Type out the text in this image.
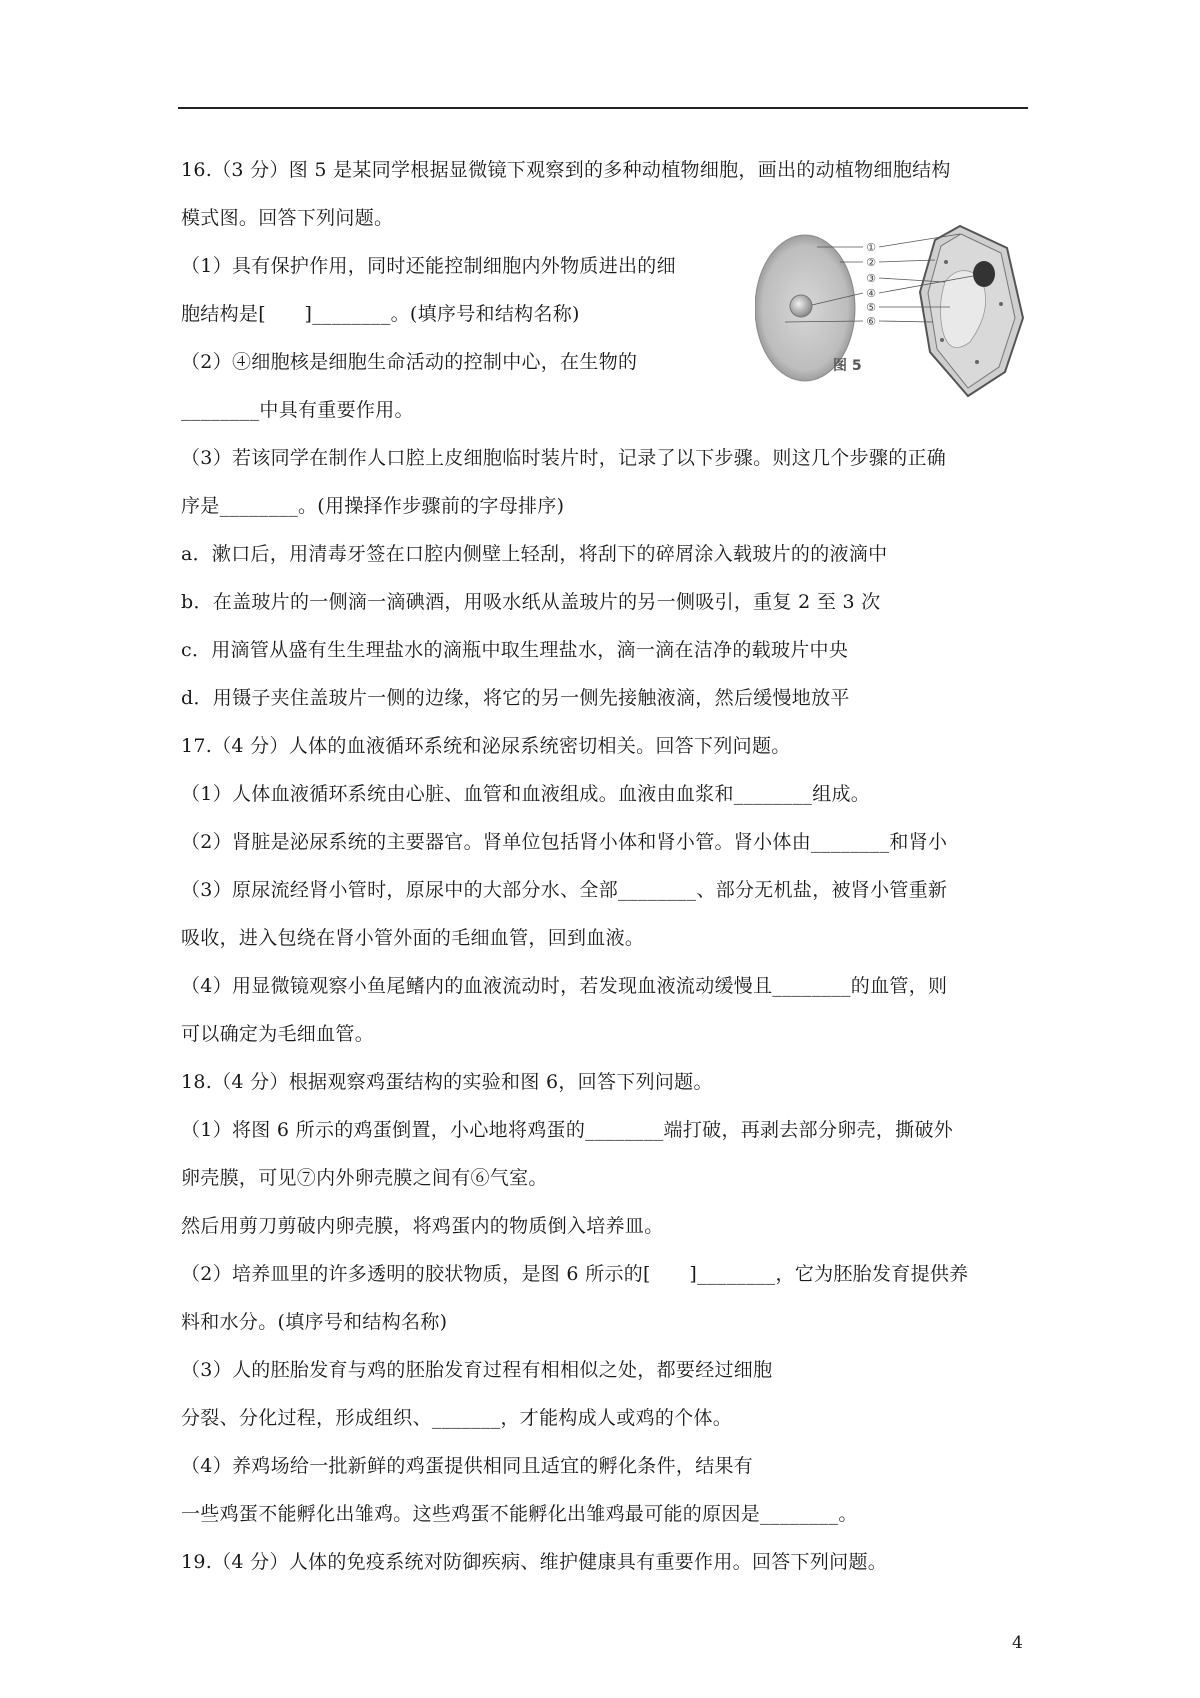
16.（3 分）图 5 是某同学根据显微镜下观察到的多种动植物细胞，画出的动植物细胞结构
模式图。回答下列问题。
（1）具有保护作用，同时还能控制细胞内外物质进出的细
胞结构是[　　]________。(填序号和结构名称)
（2）④细胞核是细胞生命活动的控制中心，在生物的
________中具有重要作用。
（3）若该同学在制作人口腔上皮细胞临时装片时，记录了以下步骤。则这几个步骤的正确
序是________。(用操择作步骤前的字母排序)
a．漱口后，用清毒牙签在口腔内侧壁上轻刮，将刮下的碎屑涂入载玻片的的液滴中
b．在盖玻片的一侧滴一滴碘酒，用吸水纸从盖玻片的另一侧吸引，重复 2 至 3 次
c．用滴管从盛有生生理盐水的滴瓶中取生理盐水，滴一滴在洁净的载玻片中央
d．用镊子夹住盖玻片一侧的边缘，将它的另一侧先接触液滴，然后缓慢地放平
17.（4 分）人体的血液循环系统和泌尿系统密切相关。回答下列问题。
（1）人体血液循环系统由心脏、血管和血液组成。血液由血浆和________组成。
（2）肾脏是泌尿系统的主要器官。肾单位包括肾小体和肾小管。肾小体由________和肾小
（3）原尿流经肾小管时，原尿中的大部分水、全部________、部分无机盐，被肾小管重新
吸收，进入包绕在肾小管外面的毛细血管，回到血液。
（4）用显微镜观察小鱼尾鳍内的血液流动时，若发现血液流动缓慢且________的血管，则
可以确定为毛细血管。
18.（4 分）根据观察鸡蛋结构的实验和图 6，回答下列问题。
（1）将图 6 所示的鸡蛋倒置，小心地将鸡蛋的________端打破，再剥去部分卵壳，撕破外
卵壳膜，可见⑦内外卵壳膜之间有⑥气室。
然后用剪刀剪破内卵壳膜，将鸡蛋内的物质倒入培养皿。
（2）培养皿里的许多透明的胶状物质，是图 6 所示的[　　]________，它为胚胎发育提供养
料和水分。(填序号和结构名称)
（3）人的胚胎发育与鸡的胚胎发育过程有相相似之处，都要经过细胞
分裂、分化过程，形成组织、_______，才能构成人或鸡的个体。
（4）养鸡场给一批新鲜的鸡蛋提供相同且适宜的孵化条件，结果有
一些鸡蛋不能孵化出雏鸡。这些鸡蛋不能孵化出雏鸡最可能的原因是________。
19.（4 分）人体的免疫系统对防御疾病、维护健康具有重要作用。回答下列问题。
①
②
③
④
⑤
⑥
图 5
4
